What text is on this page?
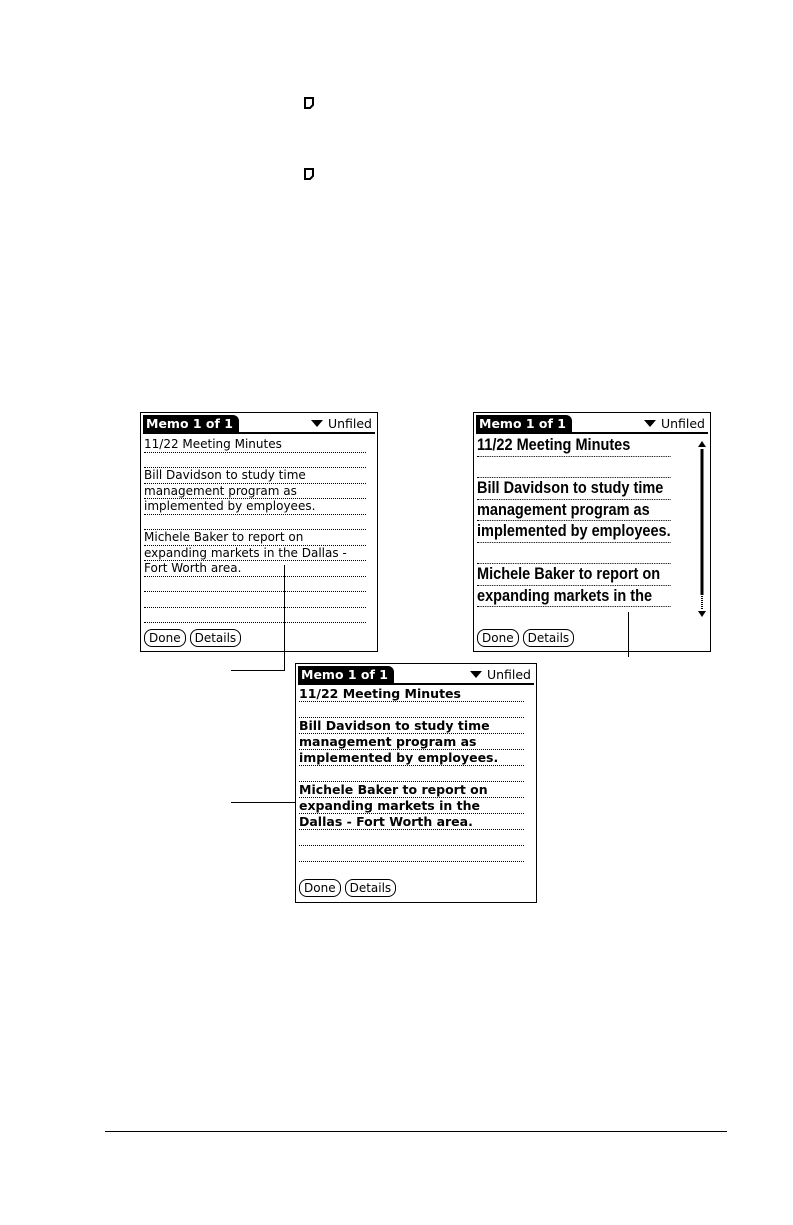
Memo 1 of 1	Unfiled
11/22 Meeting Minutes
Bill Davidson to study time
management program as
implemented by employees.
Michele Baker to report on
expanding markets in the Dallas -
Fort Worth area.
Done Details
Memo 1 of 1	Unfiled
11/22 Meeting Minutes
Bill Davidson to study time
management program as
implemented by employees.
Michele Baker to report on
expanding markets in the
Done Details
Memo 1 of 1	Unfiled
11/22 Meeting Minutes
Bill Davidson to study time
management program as
implemented by employees.
Michele Baker to report on
expanding markets in the
Dallas - Fort Worth area.
Done Details
